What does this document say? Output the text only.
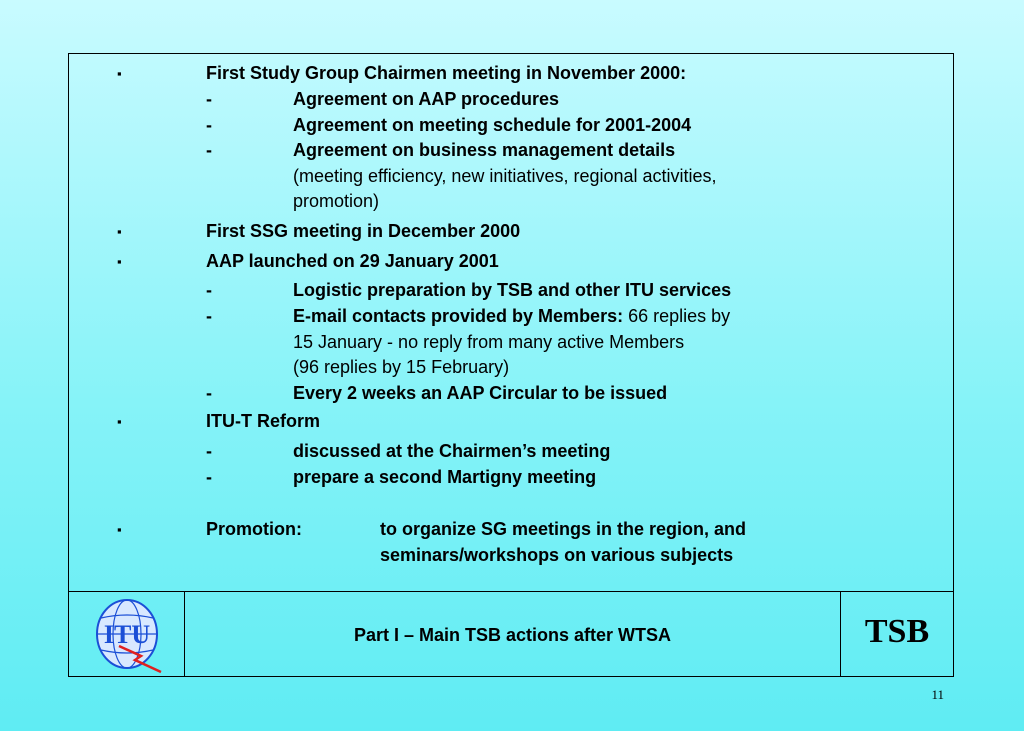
▪	First Study Group Chairmen meeting in November 2000:
-	Agreement on AAP procedures
-	Agreement on meeting schedule for 2001-2004
-	Agreement on business management details
(meeting efficiency, new initiatives, regional activities,
promotion)
▪	First SSG meeting in December 2000
▪	AAP launched on 29 January 2001
-	Logistic preparation by TSB and other ITU services
-	E-mail contacts provided by Members: 66 replies by
15 January - no reply from many active Members
(96 replies by 15 February)
-	Every 2 weeks an AAP Circular to be issued
▪	ITU-T Reform
-	discussed at the Chairmen’s meeting
-	prepare a second Martigny meeting
▪	Promotion:	to organize SG meetings in the region, and
seminars/workshops on various subjects
ITU	Part I – Main TSB actions after WTSA	TSB
11
